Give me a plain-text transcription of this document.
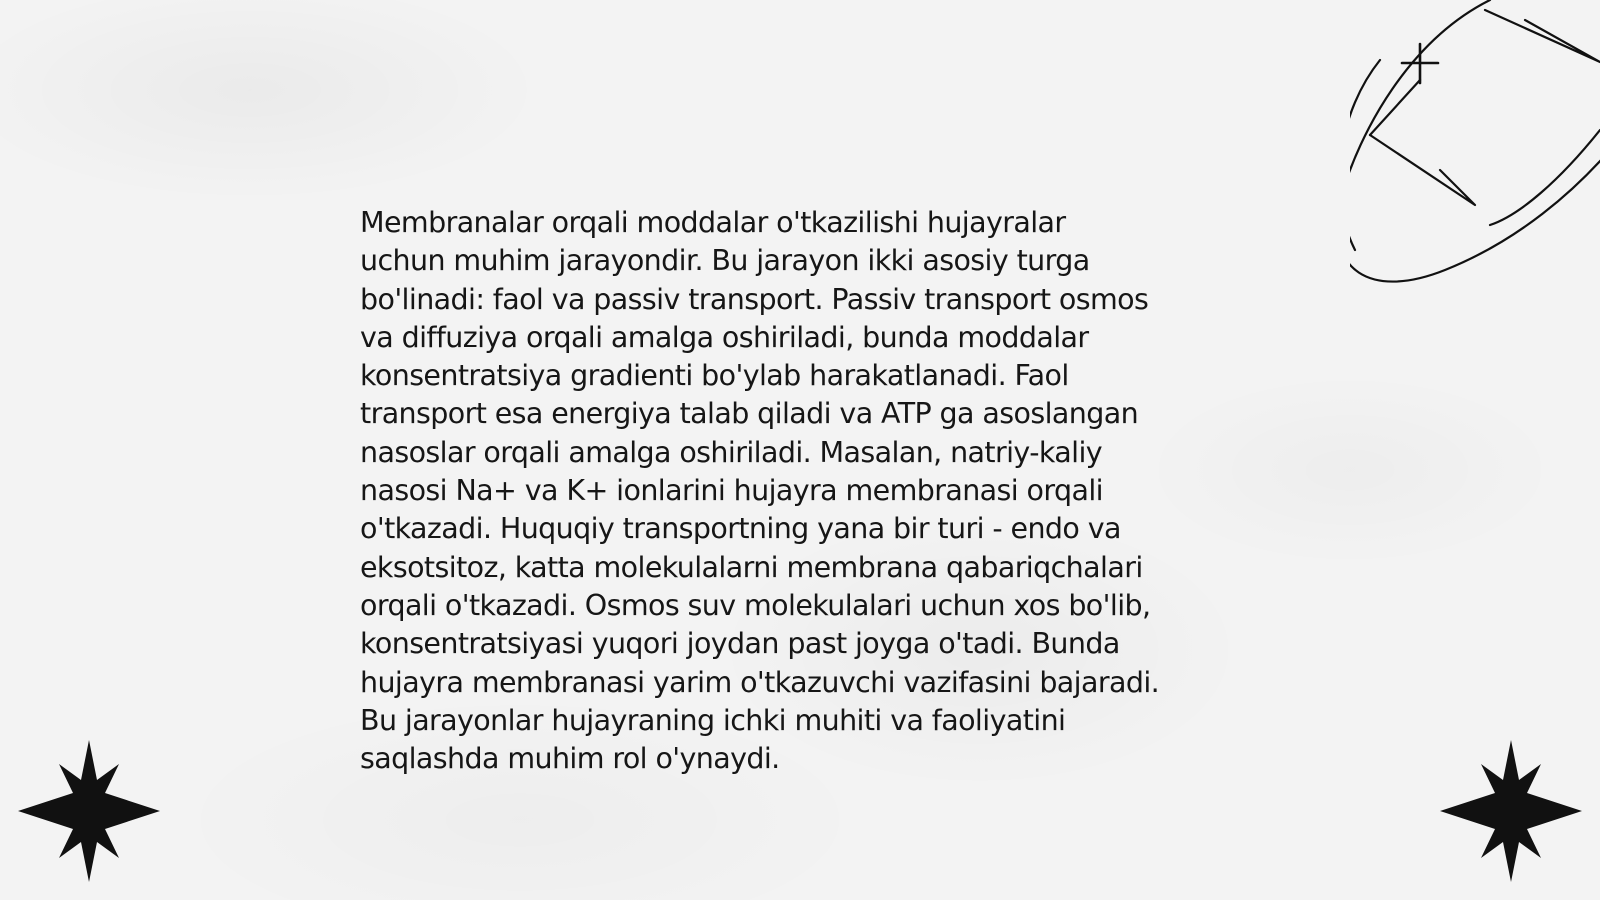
Membranalar orqali moddalar o'tkazilishi hujayralar
uchun muhim jarayondir. Bu jarayon ikki asosiy turga
bo'linadi: faol va passiv transport. Passiv transport osmos
va diffuziya orqali amalga oshiriladi, bunda moddalar
konsentratsiya gradienti bo'ylab harakatlanadi. Faol
transport esa energiya talab qiladi va ATP ga asoslangan
nasoslar orqali amalga oshiriladi. Masalan, natriy-kaliy
nasosi Na+ va K+ ionlarini hujayra membranasi orqali
o'tkazadi. Huquqiy transportning yana bir turi - endo va
eksotsitoz, katta molekulalarni membrana qabariqchalari
orqali o'tkazadi. Osmos suv molekulalari uchun xos bo'lib,
konsentratsiyasi yuqori joydan past joyga o'tadi. Bunda
hujayra membranasi yarim o'tkazuvchi vazifasini bajaradi.
Bu jarayonlar hujayraning ichki muhiti va faoliyatini
saqlashda muhim rol o'ynaydi.
